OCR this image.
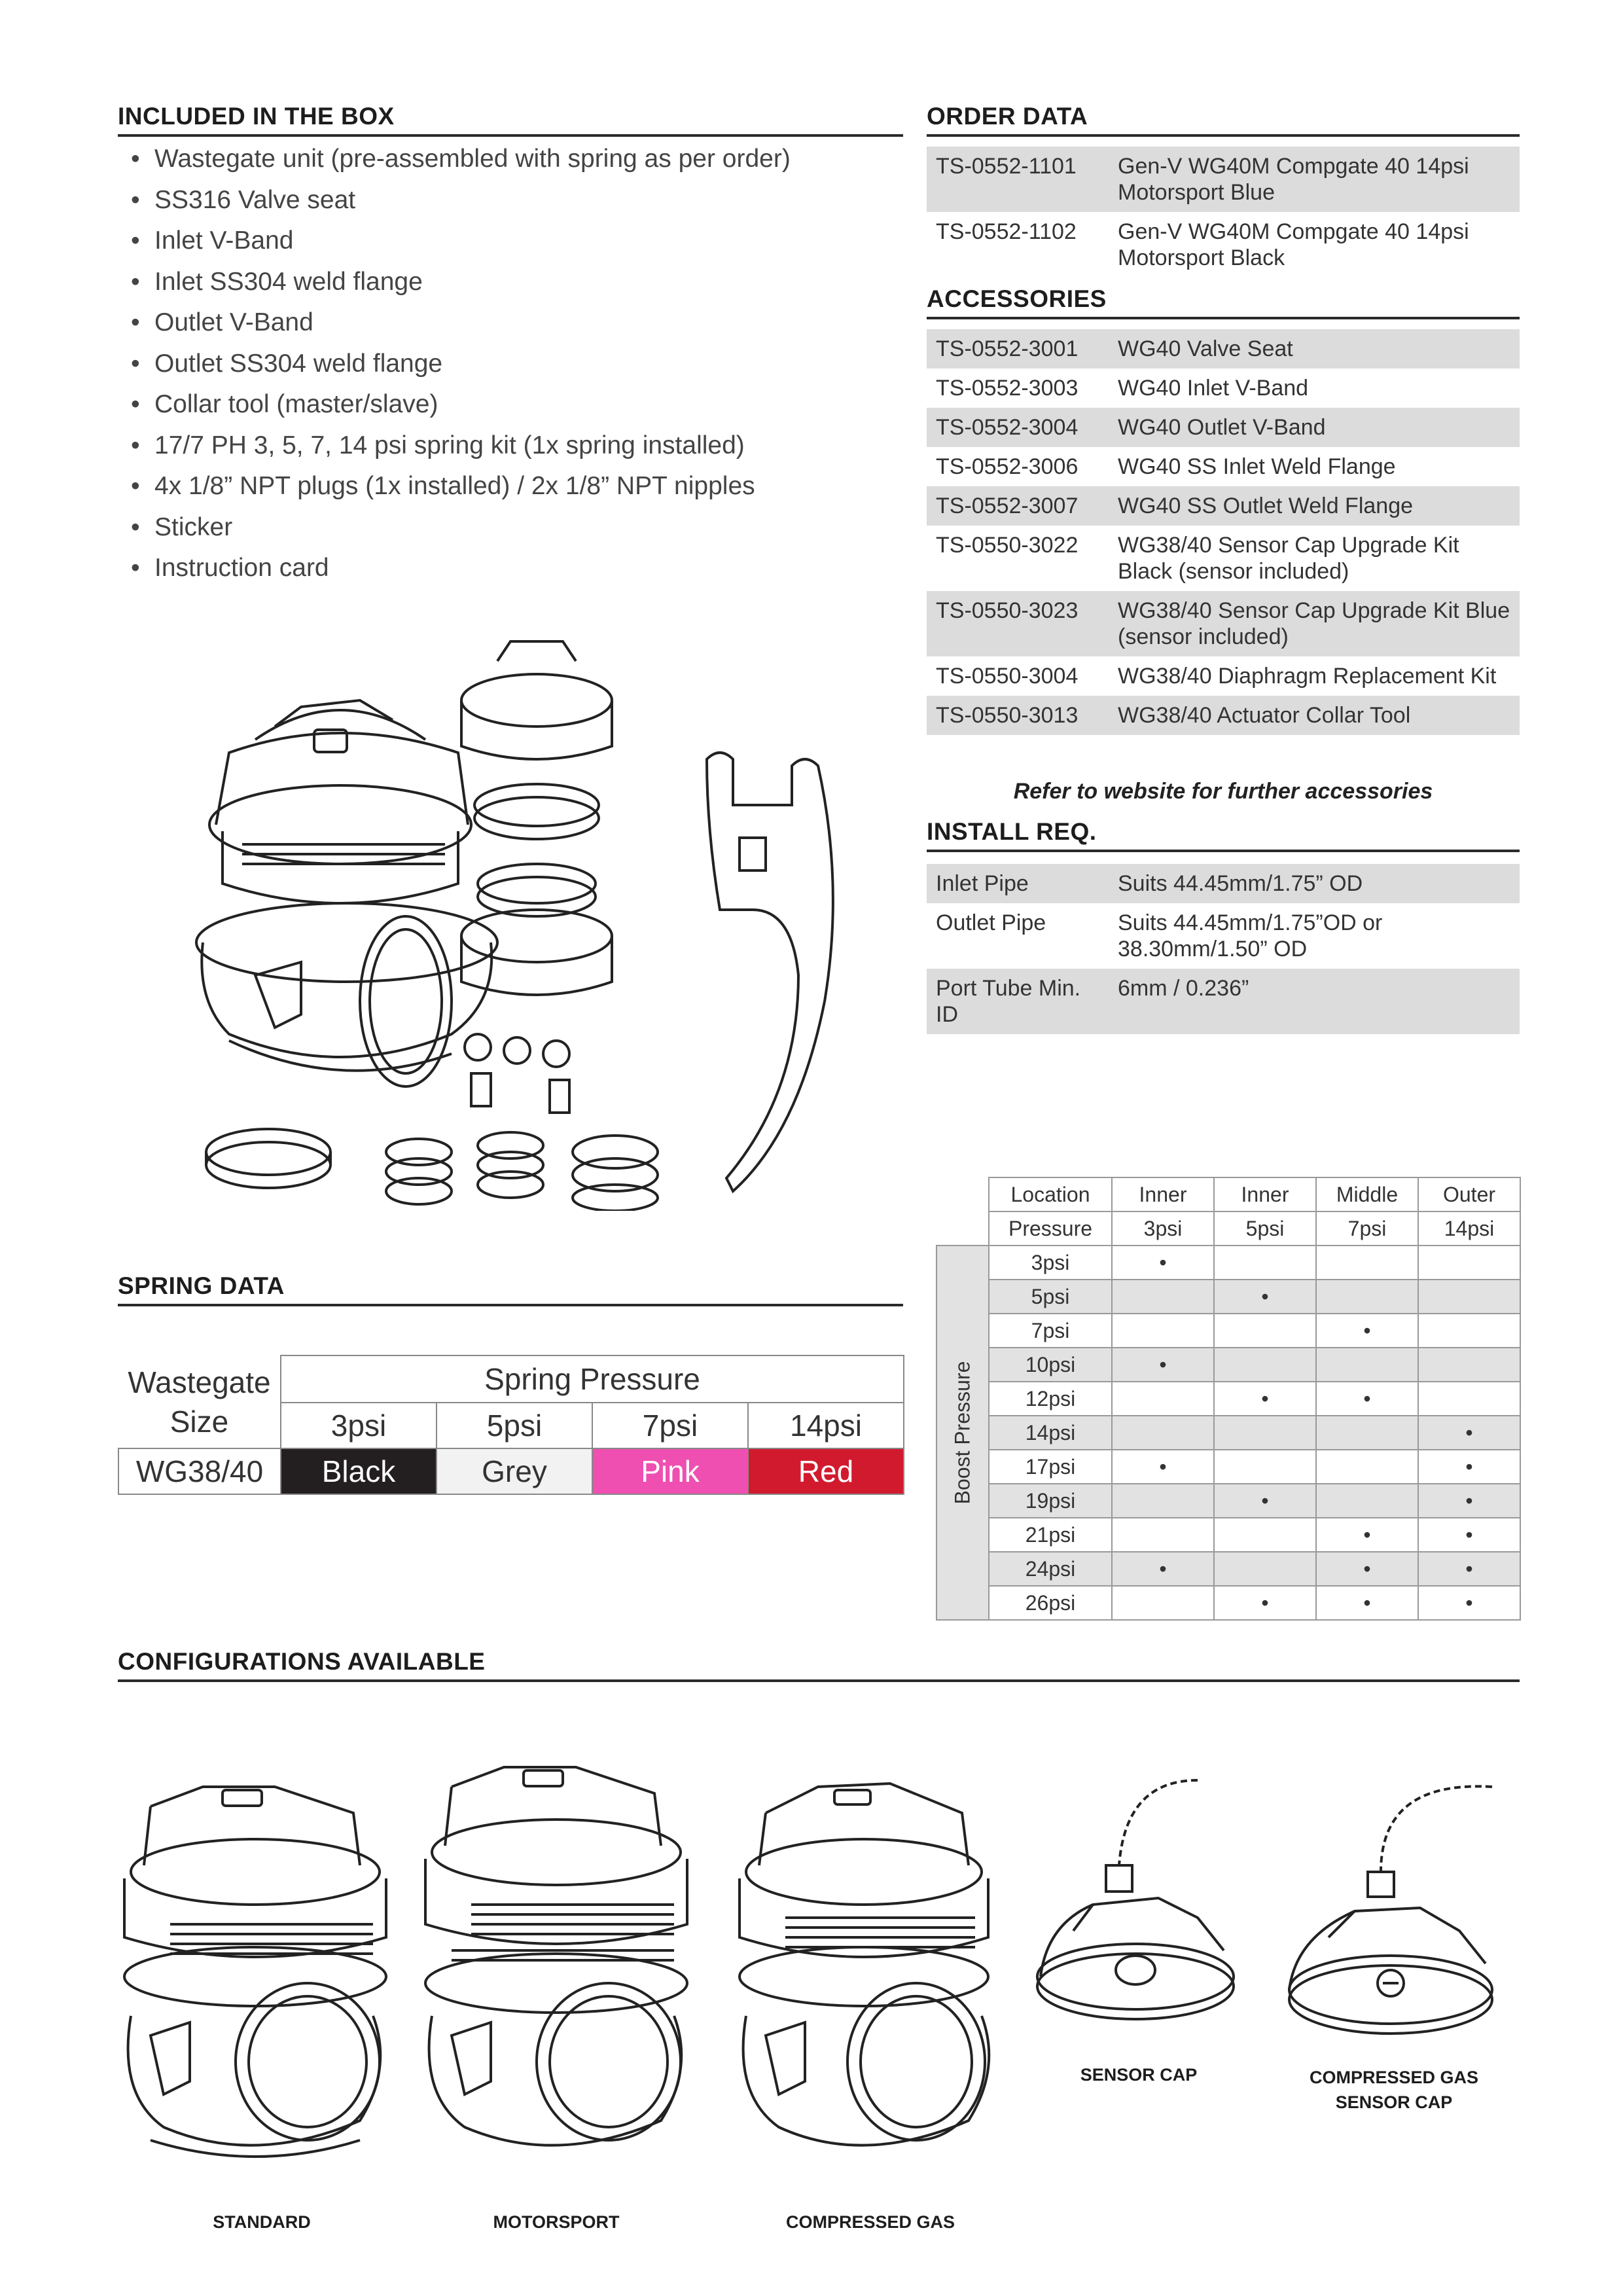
INCLUDED IN THE BOX
• Wastegate unit (pre-assembled with spring as per order)
• SS316 Valve seat
• Inlet V-Band
• Inlet SS304 weld flange
• Outlet V-Band
• Outlet SS304 weld flange
• Collar tool (master/slave)
• 17/7 PH 3, 5, 7, 14 psi spring kit (1x spring installed)
• 4x 1/8” NPT plugs (1x installed) / 2x 1/8” NPT nipples
• Sticker
• Instruction card
ORDER DATA
TS-0552-1101	Gen-V WG40M Compgate 40 14psi Motorsport Blue
TS-0552-1102	Gen-V WG40M Compgate 40 14psi Motorsport Black
ACCESSORIES
TS-0552-3001	WG40 Valve Seat
TS-0552-3003	WG40 Inlet V-Band
TS-0552-3004	WG40 Outlet V-Band
TS-0552-3006	WG40 SS Inlet Weld Flange
TS-0552-3007	WG40 SS Outlet Weld Flange
TS-0550-3022	WG38/40 Sensor Cap Upgrade Kit Black (sensor included)
TS-0550-3023	WG38/40 Sensor Cap Upgrade Kit Blue (sensor included)
TS-0550-3004	WG38/40 Diaphragm Replacement Kit
TS-0550-3013	WG38/40 Actuator Collar Tool
Refer to website for further accessories
INSTALL REQ.
Inlet Pipe	Suits 44.45mm/1.75” OD
Outlet Pipe	Suits 44.45mm/1.75”OD or 38.30mm/1.50” OD
Port Tube Min. ID	6mm / 0.236”
SPRING DATA
Wastegate Size	Spring Pressure			
	3psi	5psi	7psi	14psi
WG38/40	Black	Grey	Pink	Red
	Location	Inner	Inner	Middle	Outer
	Pressure	3psi	5psi	7psi	14psi

Boost Pressure	3psi	•			
	5psi		•		
	7psi			•	
	10psi	•			
	12psi		•	•	
	14psi				•
	17psi	•			•
	19psi		•		•
	21psi			•	•
	24psi	•		•	•
	26psi		•	•	•
CONFIGURATIONS AVAILABLE
STANDARD	MOTORSPORT	COMPRESSED GAS
SENSOR CAP	COMPRESSED GAS
SENSOR CAP
